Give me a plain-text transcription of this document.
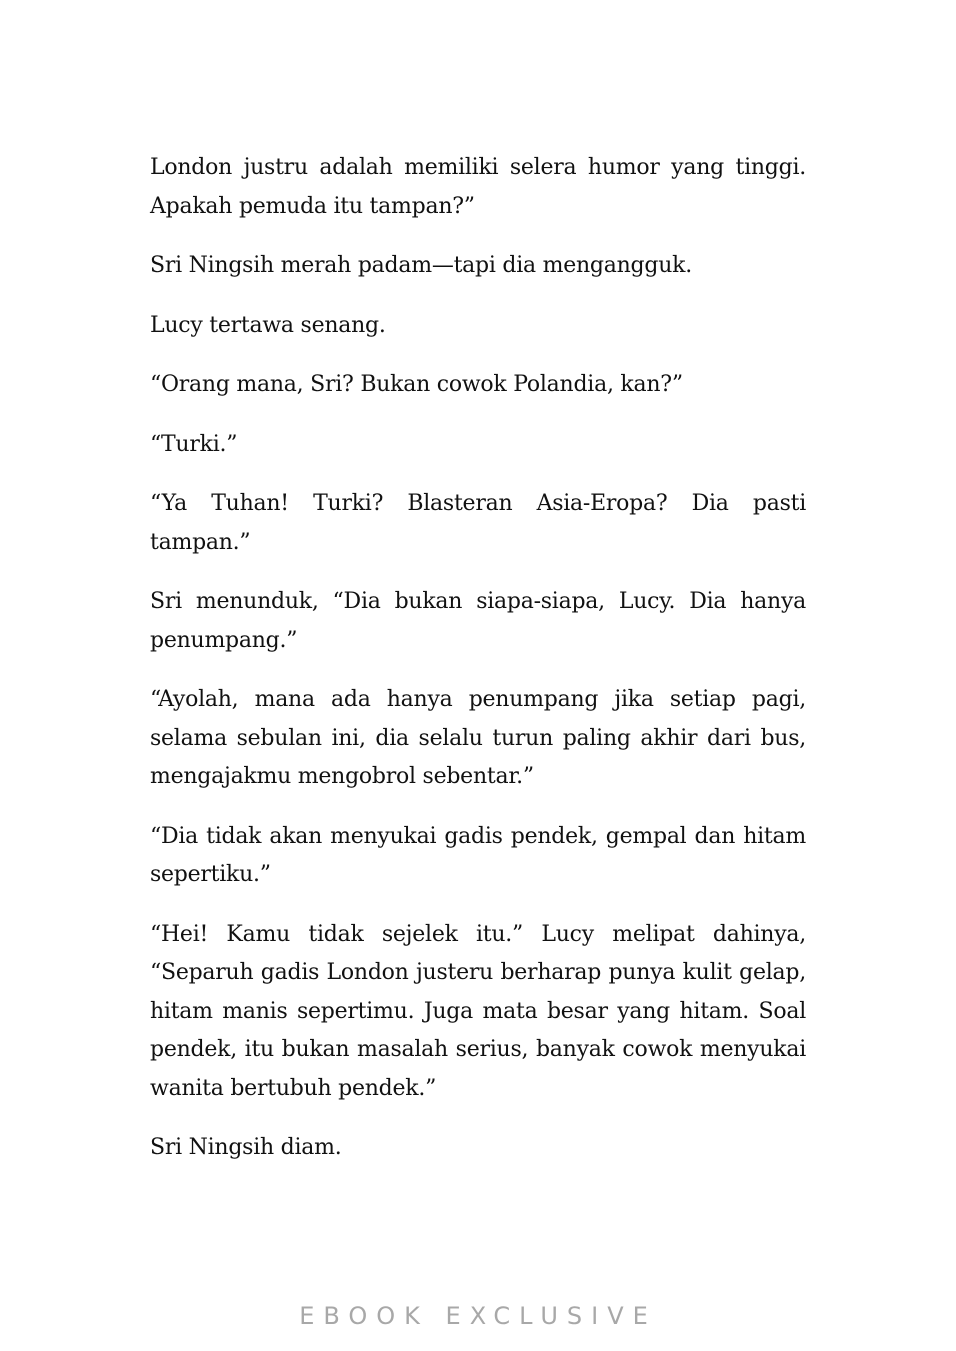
London justru adalah memiliki selera humor yang tinggi. Apakah pemuda itu tampan?”

Sri Ningsih merah padam—tapi dia mengangguk.

Lucy tertawa senang.

“Orang mana, Sri? Bukan cowok Polandia, kan?”

“Turki.”

“Ya Tuhan! Turki? Blasteran Asia-Eropa? Dia pasti tampan.”

Sri menunduk, “Dia bukan siapa-siapa, Lucy. Dia hanya penumpang.”

“Ayolah, mana ada hanya penumpang jika setiap pagi, selama sebulan ini, dia selalu turun paling akhir dari bus, mengajakmu mengobrol sebentar.”

“Dia tidak akan menyukai gadis pendek, gempal dan hitam sepertiku.”

“Hei! Kamu tidak sejelek itu.” Lucy melipat dahinya, “Separuh gadis London justeru berharap punya kulit gelap, hitam manis sepertimu. Juga mata besar yang hitam. Soal pendek, itu bukan masalah serius, banyak cowok menyukai wanita bertubuh pendek.”

Sri Ningsih diam.

EBOOK EXCLUSIVE
